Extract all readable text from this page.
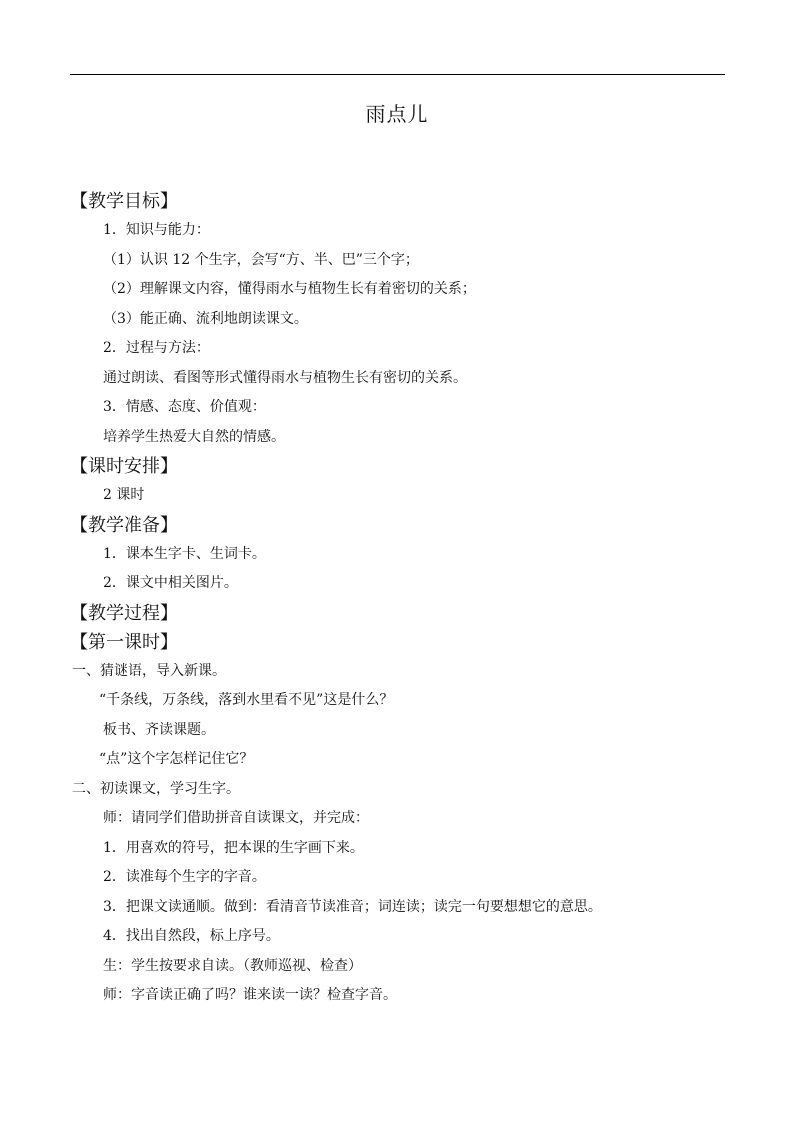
雨点儿
【教学目标】
1．知识与能力：
（1）认识 12 个生字，会写“方、半、巴”三个字；
（2）理解课文内容，懂得雨水与植物生长有着密切的关系；
（3）能正确、流利地朗读课文。
2．过程与方法：
通过朗读、看图等形式懂得雨水与植物生长有密切的关系。
3．情感、态度、价值观：
培养学生热爱大自然的情感。
【课时安排】
2 课时
【教学准备】
1．课本生字卡、生词卡。
2．课文中相关图片。
【教学过程】
【第一课时】
一、猜谜语，导入新课。
“千条线，万条线，落到水里看不见”这是什么？
板书、齐读课题。
“点”这个字怎样记住它？
二、初读课文，学习生字。
师：请同学们借助拼音自读课文，并完成：
1．用喜欢的符号，把本课的生字画下来。
2．读准每个生字的字音。
3．把课文读通顺。做到：看清音节读准音；词连读；读完一句要想想它的意思。
4．找出自然段，标上序号。
生：学生按要求自读。（教师巡视、检查）
师：字音读正确了吗？谁来读一读？检查字音。
